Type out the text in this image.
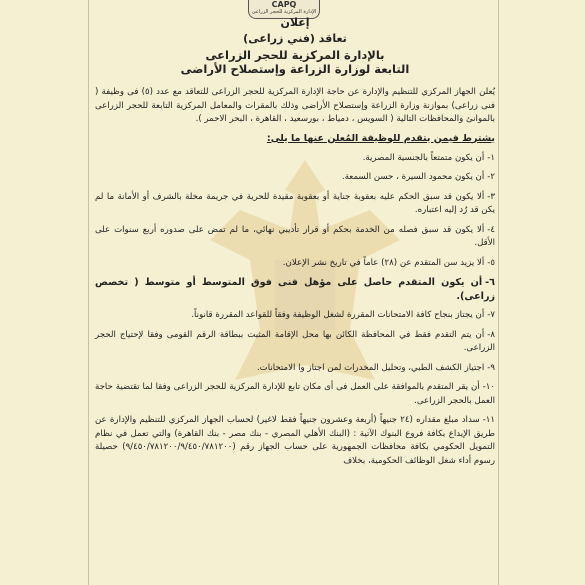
CAPQ
الإدارة المركزية للحجر الزراعى
إعلان
تعاقد (فني زراعى)
بالإدارة المركزية للحجر الزراعى
التابعة لوزارة الزراعة وإستصلاح الأراضى

يُعلن الجهاز المركزي للتنظيم والإدارة عن حاجة الإدارة المركزية للحجر الزراعى للتعاقد مع عدد (٥) فى وظيفة ( فنى زراعى) بموازنة وزارة الزراعة وإستصلاح الأراضى وذلك بالمقرات والمعامل المركزية التابعة للحجر الزراعى بالموانئ والمحافظات التالية ( السويس ، دمياط ، بورسعيد ، القاهرة ، البحر الاحمر ).

يشترط فيمن يتقدم للوظيفة المُعلن عنها ما يلى:

١-أن يكون متمتعاً بالجنسية المصرية.

٢-أن يكون محمود السيرة ، حسن السمعة.

٣-ألا يكون قد سبق الحكم عليه بعقوبة جناية أو بعقوبة مقيدة للحرية في جريمة مخلة بالشرف أو الأمانة ما لم يكن قد رُد إليه اعتباره.

٤-ألا يكون قد سبق فصله من الخدمة بحكم أو قرار تأديبي نهائي، ما لم تمض على صدوره أربع سنوات على الأقل.

٥-ألا يزيد سن المتقدم عن (٢٨) عاماً في تاريخ نشر الإعلان.

٦-أن يكون المتقدم حاصل على مؤهل فنى فوق المتوسط أو متوسط ( تخصص زراعى).

٧-أن يجتاز بنجاح كافة الامتحانات المقررة لشغل الوظيفة وفقاً للقواعد المقررة قانوناً.

٨-أن يتم التقدم فقط في المحافظة الكائن بها محل الإقامة المثبت ببطاقة الرقم القومى وفقا لإحتياج الحجر الزراعى.

٩-اجتياز الكشف الطبي، وتحليل المخدرات لمن اجتاز وا الامتحانات.

١٠-أن يقر المتقدم بالموافقة على العمل فى أى مكان تابع للإدارة المركزية للحجر الزراعى وفقا لما تقتضية حاجة العمل بالحجر الزراعى.

١١-سداد مبلغ مقداره (٢٤ جنيهاً (أربعة وعشرون جنيهاً فقط لاغير) لحساب الجهاز المركزي للتنظيم والإدارة عن طريق الإيداع بكافة فروع البنوك الآتية : (البنك الأهلي المصري - بنك مصر - بنك القاهرة) والتي تعمل في نظام التمويل الحكومي بكافة محافظات الجمهورية على حساب الجهاز رقم (٩/٤٥٠/٧٨١٢٠٠/٩/٤٥٠/٧٨١٢٠٠) حصيلة رسوم أداء شغل الوظائف الحكومية، بخلاف
